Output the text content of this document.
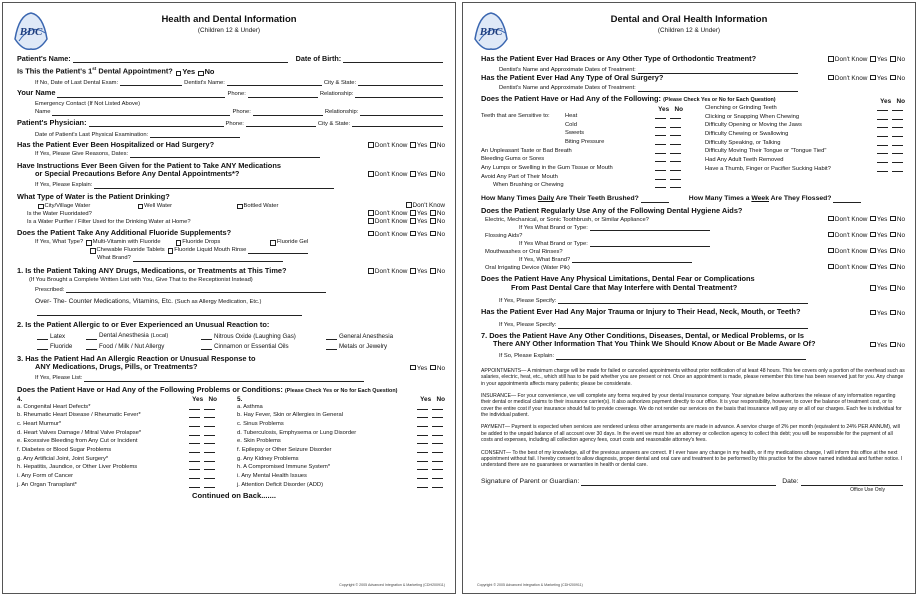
BDC
Health and Dental Information
(Children 12 & Under)
Patient's Name:	Date of Birth:
Is This the Patient's 1st Dental Appointment? Yes No
If No, Date of Last Dental Exam:	Dentist's Name:	City & State:
Your Name	Phone:	Relationship:
Emergency Contact (If Not Listed Above)
Name	Phone:	Relationship:
Patient's Physician:	Phone:	City & State:
Date of Patient's Last Physical Examination:
Has the Patient Ever Been Hospitalized or Had Surgery?	Don't Know Yes No
If Yes, Please Give Reasons, Dates:
Have Instructions Ever Been Given for the Patient to Take ANY Medications
or Special Precautions Before Any Dental Appointments*?	Don't Know Yes No
If Yes, Please Explain:
What Type of Water is the Patient Drinking?
City/Village Water	Well Water	Bottled Water	Don't Know
Is the Water Fluoridated?	Don't Know Yes No
Is a Water Purifier / Filter Used for the Drinking Water at Home?	Don't Know Yes No
Does the Patient Take Any Additional Fluoride Supplements?	Don't Know Yes No
If Yes, What Type? Multi-Vitamin with Fluoride	Fluoride Drops	Fluoride Gel
Chewable Fluoride Tablets Fluoride Liquid Mouth Rinse
What Brand?
1. Is the Patient Taking ANY Drugs, Medications, or Treatments at This Time?	Don't Know Yes No
(If You Brought a Complete Written List with You, Give That to the Receptionist Instead)
Prescribed:
Over- The- Counter Medications, Vitamins, Etc.
(Such as Allergy Medication, Etc.)
2. Is the Patient Allergic to or Ever Experienced an Unusual Reaction to:
Latex	Dental Anesthesia (Local)	Nitrous Oxide (Laughing Gas)	General Anesthesia
Fluoride	Food / Milk / Nut Allergy	Cinnamon or Essential Oils	Metals or Jewelry
3. Has the Patient Had An Allergic Reaction or Unusual Response to
ANY Medications, Drugs, Pills, or Treatments?	Yes No
If Yes, Please List:
Does the Patient Have or Had Any of the Following Problems or Conditions:
(Please Check Yes or No for Each Question)
4.	Yes No
a. Congenital Heart Defects*
b. Rheumatic Heart Disease / Rheumatic Fever*
c. Heart Murmur*
d. Heart Valves Damage / Mitral Valve Prolapse*
e. Excessive Bleeding from Any Cut or Incident
f. Diabetes or Blood Sugar Problems
g. Any Artificial Joint, Joint Surgery*
h. Hepatitis, Jaundice, or Other Liver Problems
i. Any Form of Cancer
j. An Organ Transplant*
5.	Yes No
a. Asthma
b. Hay Fever, Skin or Allergies in General
c. Sinus Problems
d. Tuberculosis, Emphysema or Lung Disorder
e. Skin Problems
f. Epilepsy or Other Seizure Disorder
g. Any Kidney Problems
h. A Compromised Immune System*
i. Any Mental Health Issues
j. Attention Deficit Disorder (ADD)
Continued on Back.......
Copyright © 2005 Advanced Integration & Marketing (CDH200911)
BDC
Dental and Oral Health Information
(Children 12 & Under)
Has the Patient Ever Had Braces or Any Other Type of Orthodontic Treatment?	Don't Know Yes No
Dentist's Name and Approximate Dates of Treatment:
Has the Patient Ever Had Any Type of Oral Surgery?	Don't Know Yes No
Dentist's Name and Approximate Dates of Treatment:
Does the Patient Have or Had Any of the Following:
(Please Check Yes or No for Each Question)
Yes No
Teeth that are Sensitive to:	Heat
Cold
Sweets
Biting Pressure
An Unpleasant Taste or Bad Breath
Bleeding Gums or Sores
Any Lumps or Swelling in the Gum Tissue or Mouth
Avoid Any Part of Their Mouth
When Brushing or Chewing
Yes No
Clenching or Grinding Teeth
Clicking or Snapping When Chewing
Difficulty Opening or Moving the Jaws
Difficulty Chewing or Swallowing
Difficulty Speaking, or Talking
Difficulty Moving Their Tongue or "Tongue Tied"
Had Any Adult Teeth Removed
Have a Thumb, Finger or Pacifier Sucking Habit?
How Many Times Daily Are Their Teeth Brushed?	How Many Times a Week Are They Flossed?
Does the Patient Regularly Use Any of the Following Dental Hygiene Aids?
Electric, Mechanical, or Sonic Toothbrush, or Similar Appliance?	Don't Know Yes No
If Yes What Brand or Type:
Flossing Aids?	Don't Know Yes No
If Yes What Brand or Type:
Mouthwashes or Oral Rinses?	Don't Know Yes No
If Yes, What Brand?
Oral Irrigating Device (Water Pik)	Don't Know Yes No
Does the Patient Have Any Physical Limitations, Dental Fear or Complications
From Past Dental Care that May Interfere with Dental Treatment?	Yes No
If Yes, Please Specify:
Has the Patient Ever Had Any Major Trauma or Injury to Their Head, Neck, Mouth, or Teeth?	Yes No
If Yes, Please Specify:
7. Does the Patient Have Any Other Conditions, Diseases, Dental, or Medical Problems, or Is
There ANY Other Information That You Think We Should Know About or Be Made Aware Of?	Yes No
If So, Please Explain:
APPOINTMENTS— A minimum charge will be made for failed or canceled appointments without prior notification of at least 48 hours. This fee covers only a portion of the overhead such as salaries, electric, heat, etc., which still has to be paid whether you are present or not. Once an appointment is made, please remember this time has been reserved just for you. Any change in your appointments affects many patients; please be considerate.
INSURANCE— For your convenience, we will complete any forms required by your dental insurance company. Your signature below authorizes the release of any information regarding their dental or medical claims to their insurance carrier(s). It also authorizes payment directly to our office. It is your responsibility, however, to cover the balance of treatment cost, or to cover the entire cost if your insurance should fail to provide coverage. We do not render our services on the basis that insurance will pay any or all of our charges. Each fee is individual for the individual patient.
PAYMENT— Payment is expected when services are rendered unless other arrangements are made in advance. A service charge of 2% per month (equivalent to 24% PER ANNUM), will be added to the unpaid balance of all account over 30 days. In the event we must hire an attorney or collection agency to collect this debt; you will be responsible for the payment of all costs and expenses, including all collection agency fees, court costs and reasonable attorney's fees.
CONSENT— To the best of my knowledge, all of the previous answers are correct. If I ever have any change in my health, or if my medications change, I will inform this office at the next appointment without fail. I hereby consent to allow diagnosis, proper dental and oral care and treatment to be performed by this practice for the above named individual and further notice. I understand there are no guarantees or warranties in health or dental care.
Signature of Parent or Guardian:	Date:
Office Use Only
Copyright © 2005 Advanced Integration & Marketing (CDH200911)
